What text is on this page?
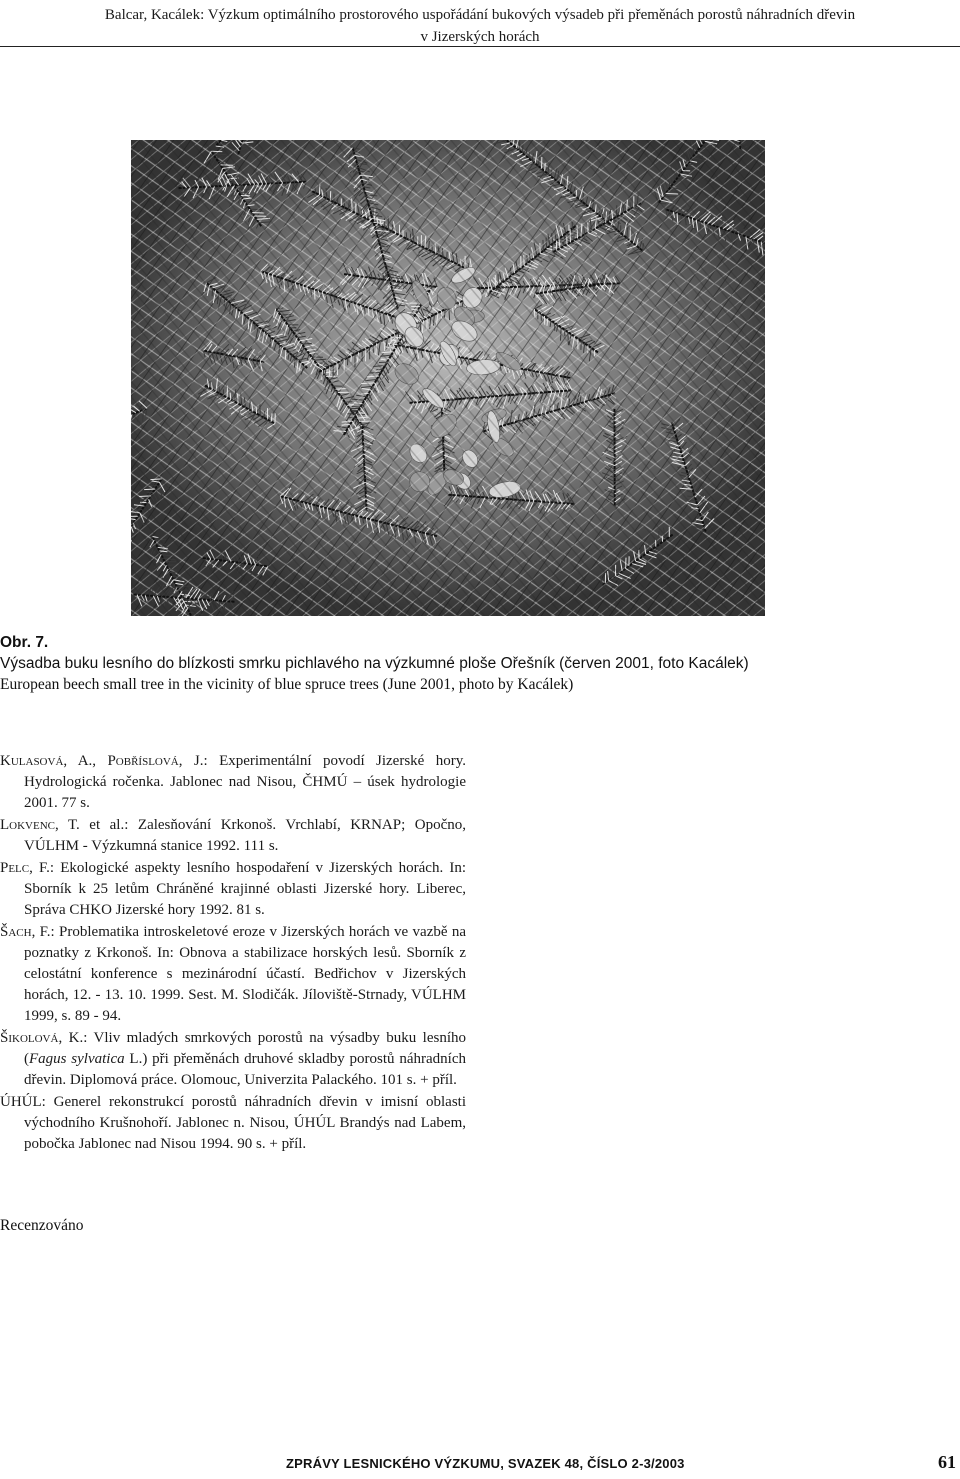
Balcar, Kacálek: Výzkum optimálního prostorového uspořádání bukových výsadeb při přeměnách porostů náhradních dřevin
v Jizerských horách
Obr. 7.
Výsadba buku lesního do blízkosti smrku pichlavého na výzkumné ploše Ořešník (červen 2001, foto Kacálek)
European beech small tree in the vicinity of blue spruce trees (June 2001, photo by Kacálek)

Kulasová, A., Pobříslová, J.: Experimentální povodí Jizerské hory. Hydrologická ročenka. Jablonec nad Nisou, ČHMÚ – úsek hydrologie 2001. 77 s.

Lokvenc, T. et al.: Zalesňování Krkonoš. Vrchlabí, KRNAP; Opočno, VÚLHM - Výzkumná stanice 1992. 111 s.

Pelc, F.: Ekologické aspekty lesního hospodaření v Jizerských horách. In: Sborník k 25 letům Chráněné krajinné oblasti Jizerské hory. Liberec, Správa CHKO Jizerské hory 1992. 81 s.

Šach, F.: Problematika introskeletové eroze v Jizerských horách ve vazbě na poznatky z Krkonoš. In: Obnova a stabilizace horských lesů. Sborník z celostátní konference s mezinárodní účastí. Bedřichov v Jizerských horách, 12. - 13. 10. 1999. Sest. M. Slodičák. Jíloviště-Strnady, VÚLHM 1999, s. 89 - 94.

Šikolová, K.: Vliv mladých smrkových porostů na výsadby buku lesního (Fagus sylvatica L.) při přeměnách druhové skladby porostů náhradních dřevin. Diplomová práce. Olomouc, Univerzita Palackého. 101 s. + příl.

ÚHÚL: Generel rekonstrukcí porostů náhradních dřevin v imisní oblasti východního Krušnohoří. Jablonec n. Nisou, ÚHÚL Brandýs nad Labem, pobočka Jablonec nad Nisou 1994. 90 s. + příl.

Recenzováno
ZPRÁVY LESNICKÉHO VÝZKUMU, SVAZEK 48, ČÍSLO 2-3/2003	61
